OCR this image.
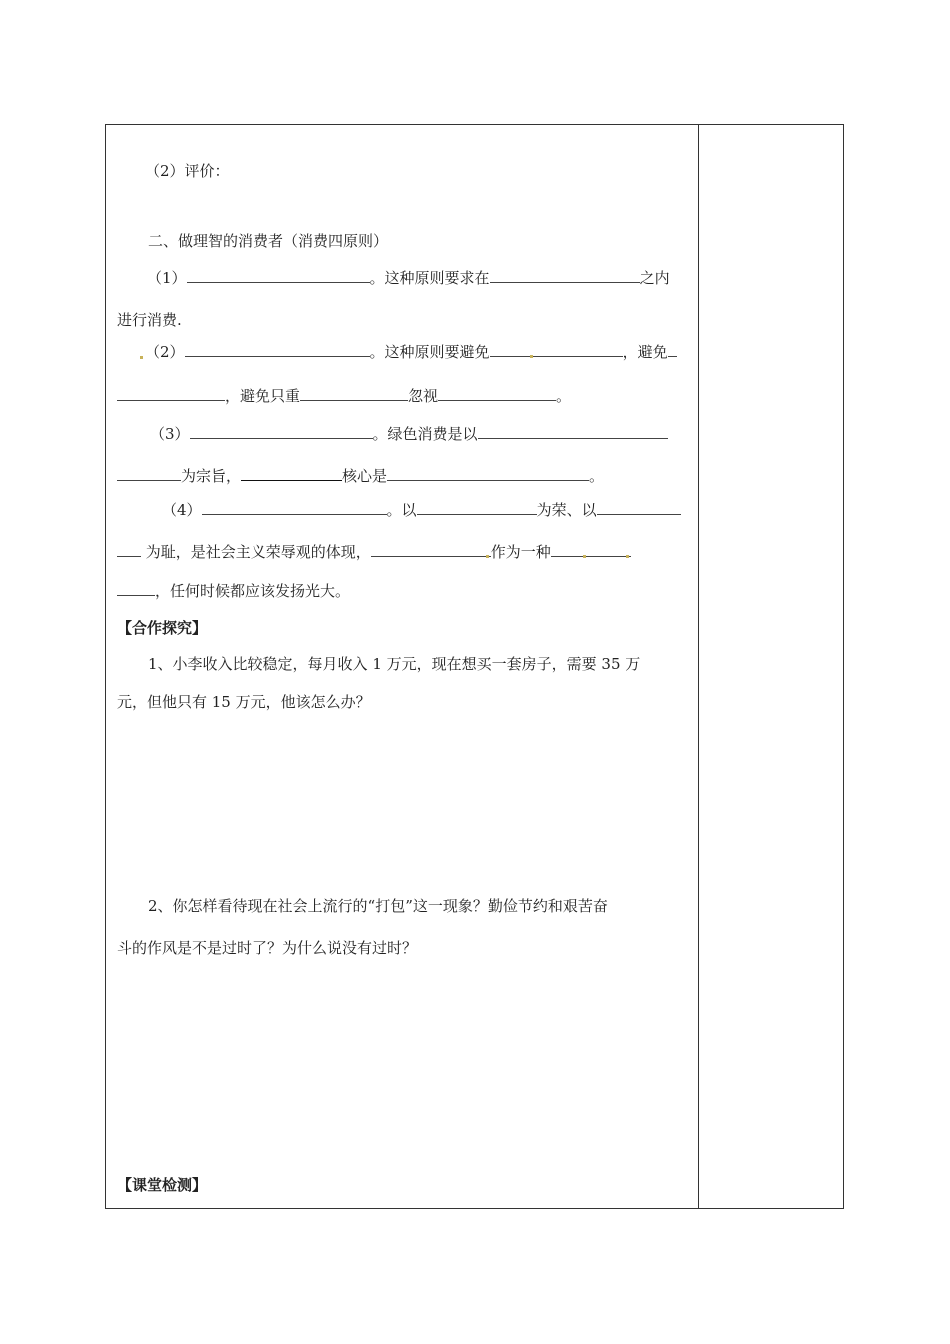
（2）评价：
二、做理智的消费者（消费四原则）
（1）	。这种原则要求在	之内
进行消费.
（2）	。这种原则要避免	，避免
，避免只重	忽视	。
（3）	。绿色消费是以
为宗旨，	核心是	。
（4）	。以	为荣、以
为耻，是社会主义荣辱观的体现，	作为一种
，任何时候都应该发扬光大。
【合作探究】
1、小李收入比较稳定，每月收入 1 万元，现在想买一套房子，需要 35 万
元，但他只有 15 万元，他该怎么办？
2、你怎样看待现在社会上流行的“打包”这一现象？勤俭节约和艰苦奋
斗的作风是不是过时了？为什么说没有过时？
【课堂检测】
